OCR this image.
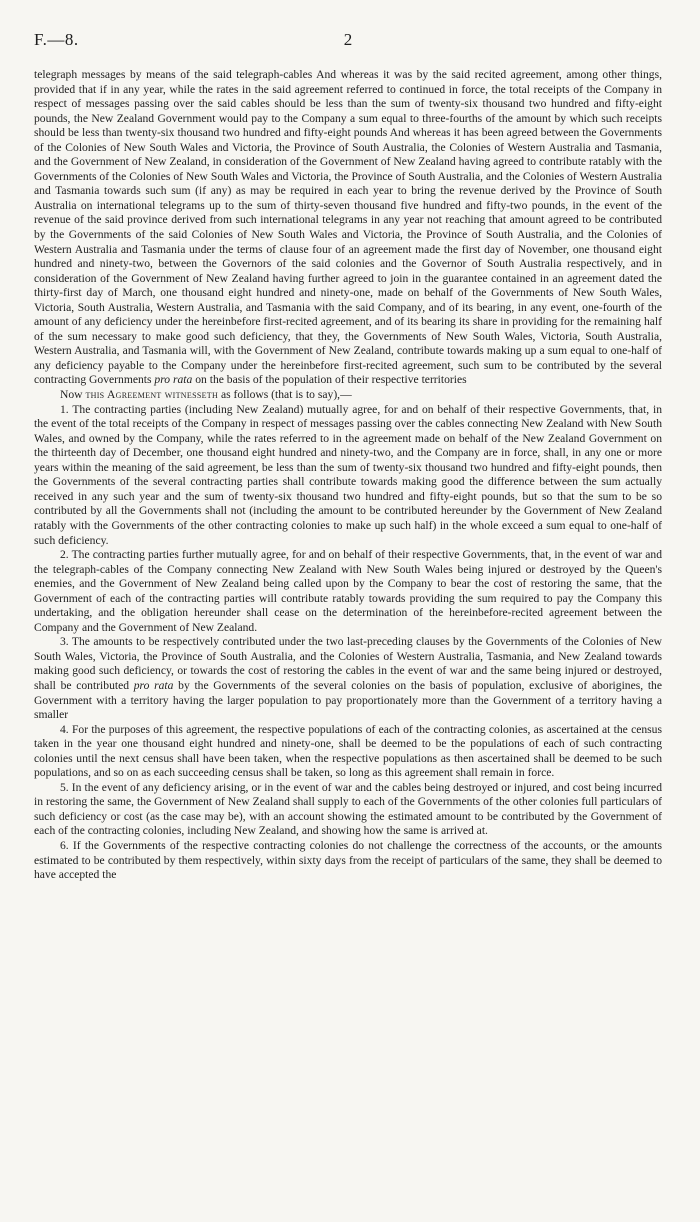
F.—8.	2

telegraph messages by means of the said telegraph-cables And whereas it was by the said recited agreement, among other things, provided that if in any year, while the rates in the said agreement referred to continued in force, the total receipts of the Company in respect of messages passing over the said cables should be less than the sum of twenty-six thousand two hundred and fifty-eight pounds, the New Zealand Government would pay to the Company a sum equal to three-fourths of the amount by which such receipts should be less than twenty-six thousand two hundred and fifty-eight pounds And whereas it has been agreed between the Governments of the Colonies of New South Wales and Victoria, the Province of South Australia, the Colonies of Western Australia and Tasmania, and the Government of New Zealand, in consideration of the Government of New Zealand having agreed to contribute ratably with the Governments of the Colonies of New South Wales and Victoria, the Province of South Australia, and the Colonies of Western Australia and Tasmania towards such sum (if any) as may be required in each year to bring the revenue derived by the Province of South Australia on international telegrams up to the sum of thirty-seven thousand five hundred and fifty-two pounds, in the event of the revenue of the said province derived from such international telegrams in any year not reaching that amount agreed to be contributed by the Governments of the said Colonies of New South Wales and Victoria, the Province of South Australia, and the Colonies of Western Australia and Tasmania under the terms of clause four of an agreement made the first day of November, one thousand eight hundred and ninety-two, between the Governors of the said colonies and the Governor of South Australia respectively, and in consideration of the Government of New Zealand having further agreed to join in the guarantee contained in an agreement dated the thirty-first day of March, one thousand eight hundred and ninety-one, made on behalf of the Governments of New South Wales, Victoria, South Australia, Western Australia, and Tasmania with the said Company, and of its bearing, in any event, one-fourth of the amount of any deficiency under the hereinbefore first-recited agreement, and of its bearing its share in providing for the remaining half of the sum necessary to make good such deficiency, that they, the Governments of New South Wales, Victoria, South Australia, Western Australia, and Tasmania will, with the Government of New Zealand, contribute towards making up a sum equal to one-half of any deficiency payable to the Company under the hereinbefore first-recited agreement, such sum to be contributed by the several contracting Governments pro rata on the basis of the population of their respective territories

Now this Agreement witnesseth as follows (that is to say),—

1. The contracting parties (including New Zealand) mutually agree, for and on behalf of their respective Governments, that, in the event of the total receipts of the Company in respect of messages passing over the cables connecting New Zealand with New South Wales, and owned by the Company, while the rates referred to in the agreement made on behalf of the New Zealand Government on the thirteenth day of December, one thousand eight hundred and ninety-two, and the Company are in force, shall, in any one or more years within the meaning of the said agreement, be less than the sum of twenty-six thousand two hundred and fifty-eight pounds, then the Governments of the several contracting parties shall contribute towards making good the difference between the sum actually received in any such year and the sum of twenty-six thousand two hundred and fifty-eight pounds, but so that the sum to be so contributed by all the Governments shall not (including the amount to be contributed hereunder by the Government of New Zealand ratably with the Governments of the other contracting colonies to make up such half) in the whole exceed a sum equal to one-half of such deficiency.

2. The contracting parties further mutually agree, for and on behalf of their respective Governments, that, in the event of war and the telegraph-cables of the Company connecting New Zealand with New South Wales being injured or destroyed by the Queen's enemies, and the Government of New Zealand being called upon by the Company to bear the cost of restoring the same, that the Government of each of the contracting parties will contribute ratably towards providing the sum required to pay the Company this undertaking, and the obligation hereunder shall cease on the determination of the hereinbefore-recited agreement between the Company and the Government of New Zealand.

3. The amounts to be respectively contributed under the two last-preceding clauses by the Governments of the Colonies of New South Wales, Victoria, the Province of South Australia, and the Colonies of Western Australia, Tasmania, and New Zealand towards making good such deficiency, or towards the cost of restoring the cables in the event of war and the same being injured or destroyed, shall be contributed pro rata by the Governments of the several colonies on the basis of population, exclusive of aborigines, the Government with a territory having the larger population to pay proportionately more than the Government of a territory having a smaller

4. For the purposes of this agreement, the respective populations of each of the contracting colonies, as ascertained at the census taken in the year one thousand eight hundred and ninety-one, shall be deemed to be the populations of each of such contracting colonies until the next census shall have been taken, when the respective populations as then ascertained shall be deemed to be such populations, and so on as each succeeding census shall be taken, so long as this agreement shall remain in force.

5. In the event of any deficiency arising, or in the event of war and the cables being destroyed or injured, and cost being incurred in restoring the same, the Government of New Zealand shall supply to each of the Governments of the other colonies full particulars of such deficiency or cost (as the case may be), with an account showing the estimated amount to be contributed by the Government of each of the contracting colonies, including New Zealand, and showing how the same is arrived at.

6. If the Governments of the respective contracting colonies do not challenge the correctness of the accounts, or the amounts estimated to be contributed by them respectively, within sixty days from the receipt of particulars of the same, they shall be deemed to have accepted the
